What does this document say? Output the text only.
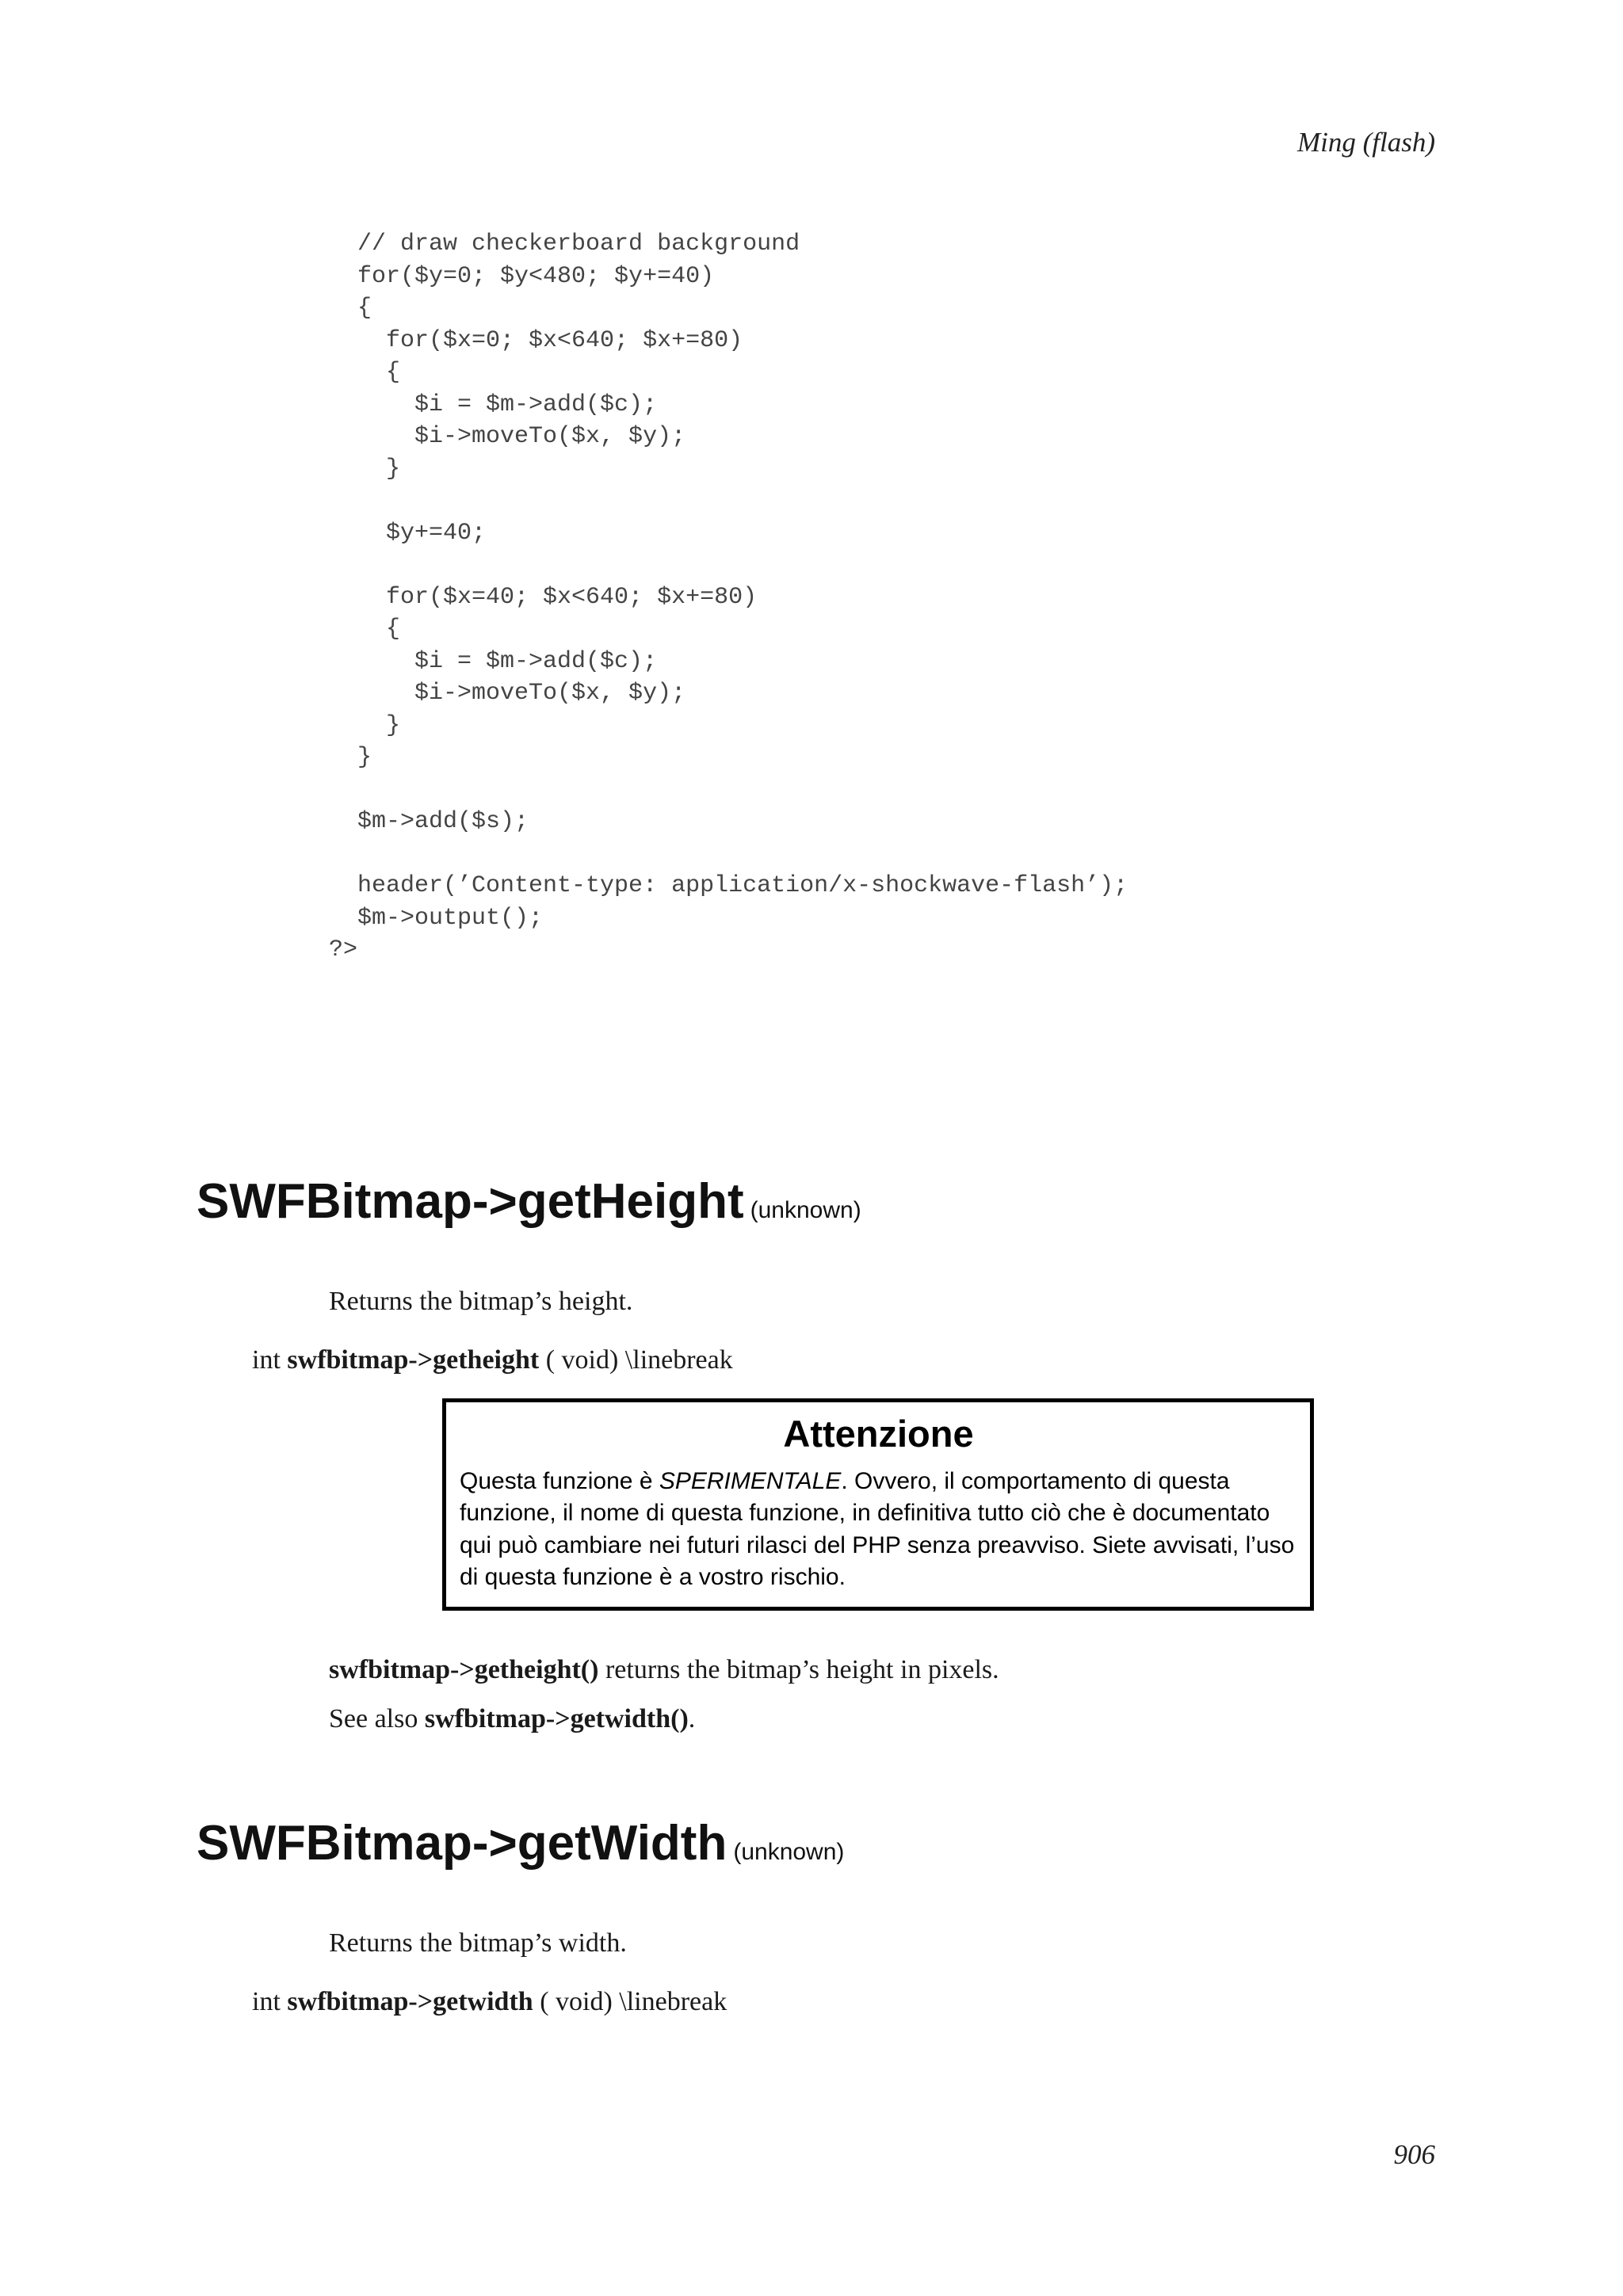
Ming (flash)
// draw checkerboard background
for($y=0; $y<480; $y+=40)
{
for($x=0; $x<640; $x+=80)
{
$i = $m->add($c);
$i->moveTo($x, $y);
}

$y+=40;

for($x=40; $x<640; $x+=80)
{
$i = $m->add($c);
$i->moveTo($x, $y);
}
}

$m->add($s);

header(’Content-type: application/x-shockwave-flash’);
$m->output();
?>
SWFBitmap->getHeight (unknown)

Returns the bitmap’s height.

int swfbitmap->getheight ( void) \linebreak

Attenzione

Questa funzione è SPERIMENTALE. Ovvero, il comportamento di questa funzione, il nome di questa funzione, in definitiva tutto ciò che è documentato qui può cambiare nei futuri rilasci del PHP senza preavviso. Siete avvisati, l’uso di questa funzione è a vostro rischio.

swfbitmap->getheight() returns the bitmap’s height in pixels.

See also swfbitmap->getwidth().

SWFBitmap->getWidth (unknown)

Returns the bitmap’s width.

int swfbitmap->getwidth ( void) \linebreak

906
